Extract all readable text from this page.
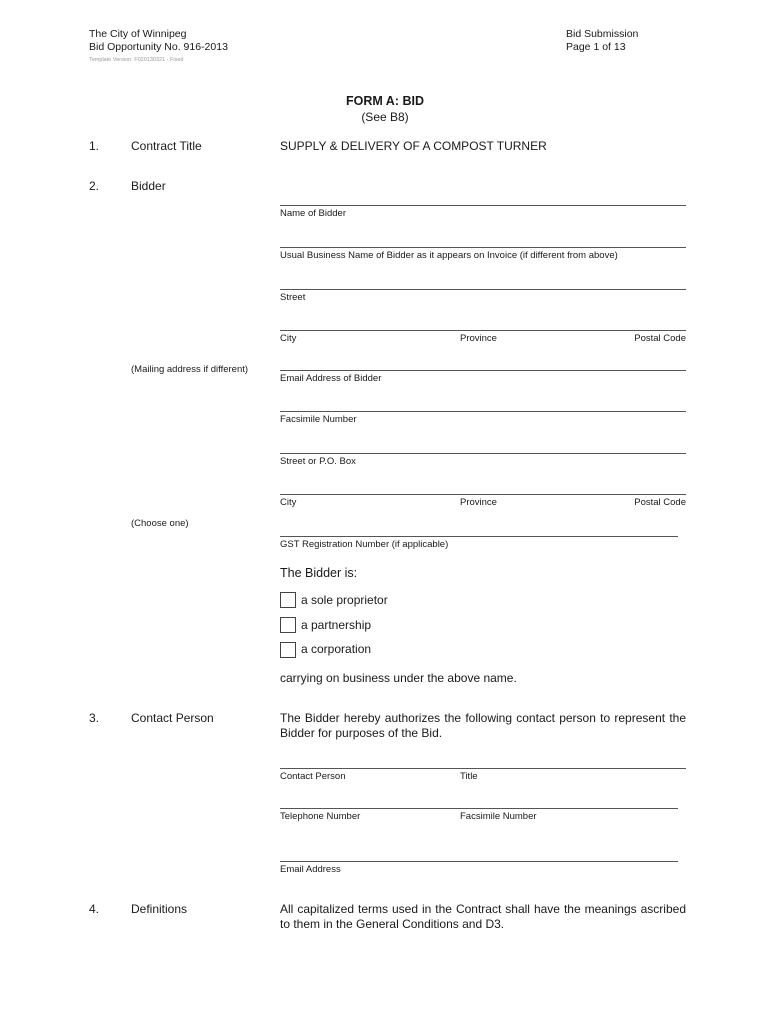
The City of Winnipeg
Bid Opportunity No. 916-2013
Template Version: F020130321 - Fixed
Bid Submission
Page 1 of 13
FORM A: BID
(See B8)
1.	Contract Title	SUPPLY & DELIVERY OF A COMPOST TURNER
2.	Bidder
Name of Bidder
Usual Business Name of Bidder as it appears on Invoice (if different from above)
Street
City	Province	Postal Code
(Mailing address if different)
Email Address of Bidder
Facsimile Number
Street or P.O. Box
City	Province	Postal Code
(Choose one)
GST Registration Number (if applicable)
The Bidder is:
a sole proprietor
a partnership
a corporation
carrying on business under the above name.
3.	Contact Person	The Bidder hereby authorizes the following contact person to represent the Bidder for purposes of the Bid.
Contact Person	Title
Telephone Number	Facsimile Number
Email Address
4.	Definitions	All capitalized terms used in the Contract shall have the meanings ascribed to them in the General Conditions and D3.
